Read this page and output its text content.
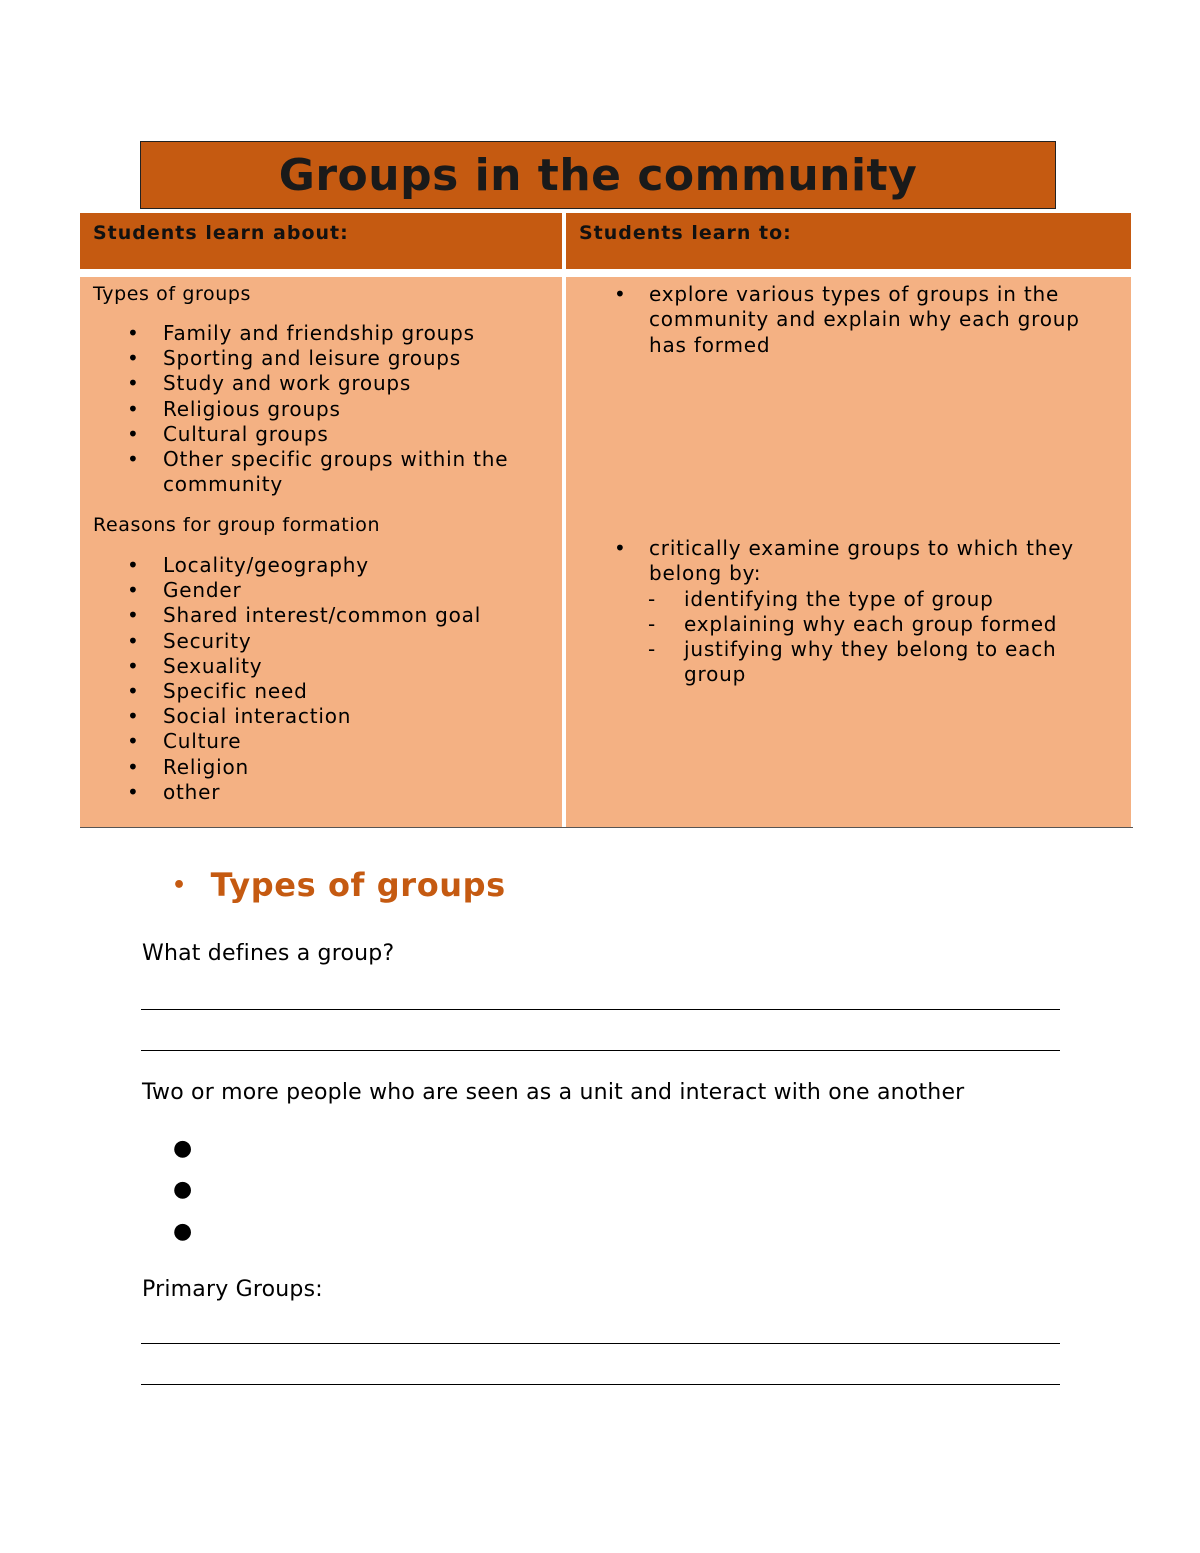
Groups in the community
Students learn about:	Students learn to:
Types of groups
• Family and friendship groups
• Sporting and leisure groups
• Study and work groups
• Religious groups
• Cultural groups
• Other specific groups within the community
Reasons for group formation
• Locality/geography
• Gender
• Shared interest/common goal
• Security
• Sexuality
• Specific need
• Social interaction
• Culture
• Religion
• other
• explore various types of groups in the community and explain why each group has formed
• critically examine groups to which they belong by:
- identifying the type of group
- explaining why each group formed
- justifying why they belong to each group
• Types of groups
What defines a group?
Two or more people who are seen as a unit and interact with one another
●
●
●
Primary Groups:
